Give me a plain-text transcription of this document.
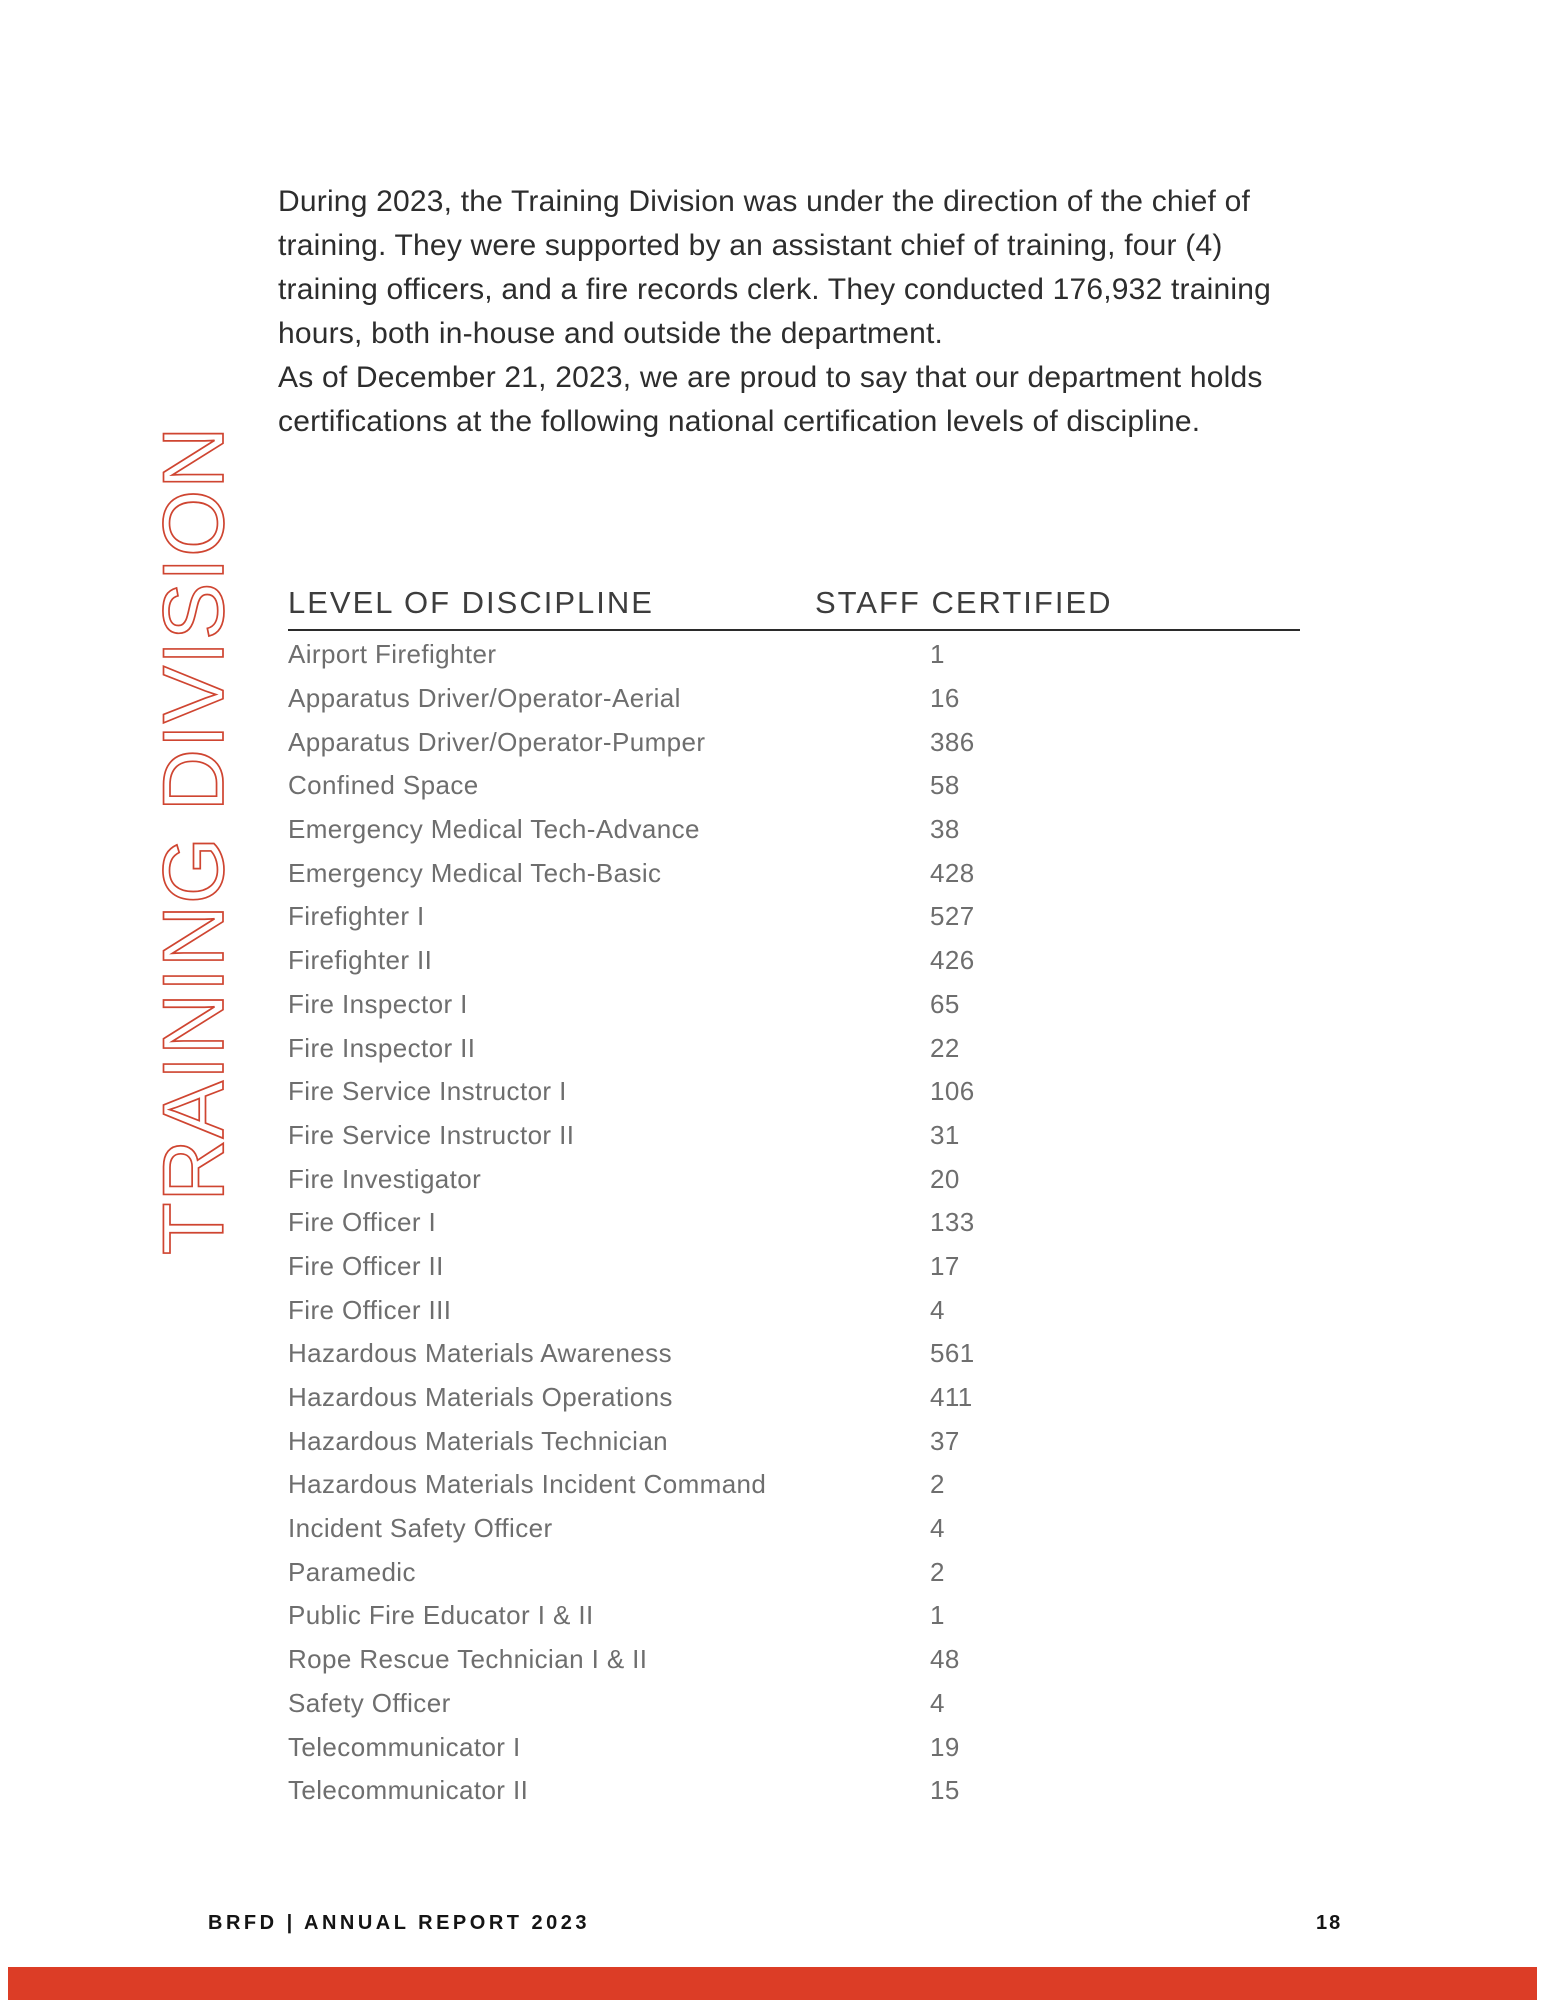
During 2023, the Training Division was under the direction of the chief of training. They were supported by an assistant chief of training, four (4) training officers, and a fire records clerk. They conducted 176,932 training hours, both in-house and outside the department.

As of December 21, 2023, we are proud to say that our department holds certifications at the following national certification levels of discipline.

TRAINING DIVISION LEVEL OF DISCIPLINE	STAFF CERTIFIED
Airport Firefighter	1
Apparatus Driver/Operator-Aerial	16
Apparatus Driver/Operator-Pumper	386
Confined Space	58
Emergency Medical Tech-Advance	38
Emergency Medical Tech-Basic	428
Firefighter I	527
Firefighter II	426
Fire Inspector I	65
Fire Inspector II	22
Fire Service Instructor I	106
Fire Service Instructor II	31
Fire Investigator	20
Fire Officer I	133
Fire Officer II	17
Fire Officer III	4
Hazardous Materials Awareness	561
Hazardous Materials Operations	411
Hazardous Materials Technician	37
Hazardous Materials Incident Command	2
Incident Safety Officer	4
Paramedic	2
Public Fire Educator I & II	1
Rope Rescue Technician I & II	48
Safety Officer	4
Telecommunicator I	19
Telecommunicator II	15
BRFD | ANNUAL REPORT 2023	18
